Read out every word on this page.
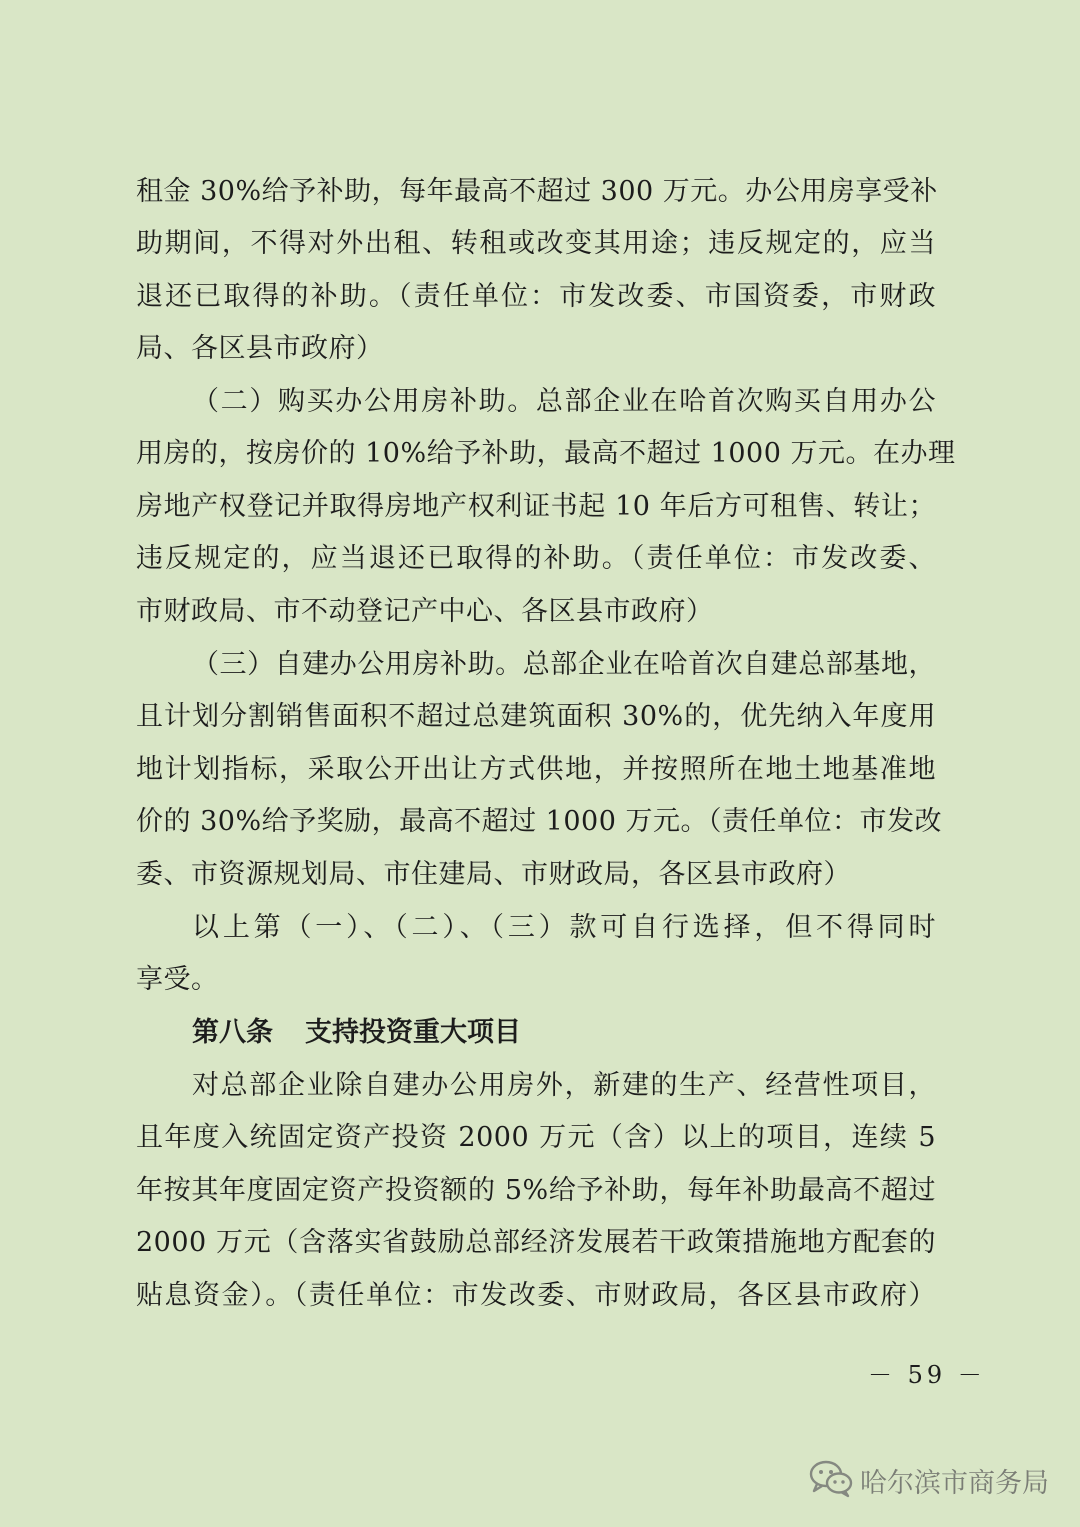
租金 30%给予补助，每年最高不超过 300 万元。办公用房享受补
助期间，不得对外出租、转租或改变其用途；违反规定的，应当
退还已取得的补助。（责任单位：市发改委、市国资委，市财政
局、各区县市政府）
（二）购买办公用房补助。总部企业在哈首次购买自用办公
用房的，按房价的 10%给予补助，最高不超过 1000 万元。在办理
房地产权登记并取得房地产权利证书起 10 年后方可租售、转让；
违反规定的，应当退还已取得的补助。（责任单位：市发改委、
市财政局、市不动登记产中心、各区县市政府）
（三）自建办公用房补助。总部企业在哈首次自建总部基地，
且计划分割销售面积不超过总建筑面积 30%的，优先纳入年度用
地计划指标，采取公开出让方式供地，并按照所在地土地基准地
价的 30%给予奖励，最高不超过 1000 万元。（责任单位：市发改
委、市资源规划局、市住建局、市财政局，各区县市政府）
以上第（一）、（二）、（三）款可自行选择，但不得同时
享受。
第八条 支持投资重大项目
对总部企业除自建办公用房外，新建的生产、经营性项目，
且年度入统固定资产投资 2000 万元（含）以上的项目，连续 5
年按其年度固定资产投资额的 5%给予补助，每年补助最高不超过
2000 万元（含落实省鼓励总部经济发展若干政策措施地方配套的
贴息资金）。（责任单位：市发改委、市财政局，各区县市政府）
－ 59 －
哈尔滨市商务局
